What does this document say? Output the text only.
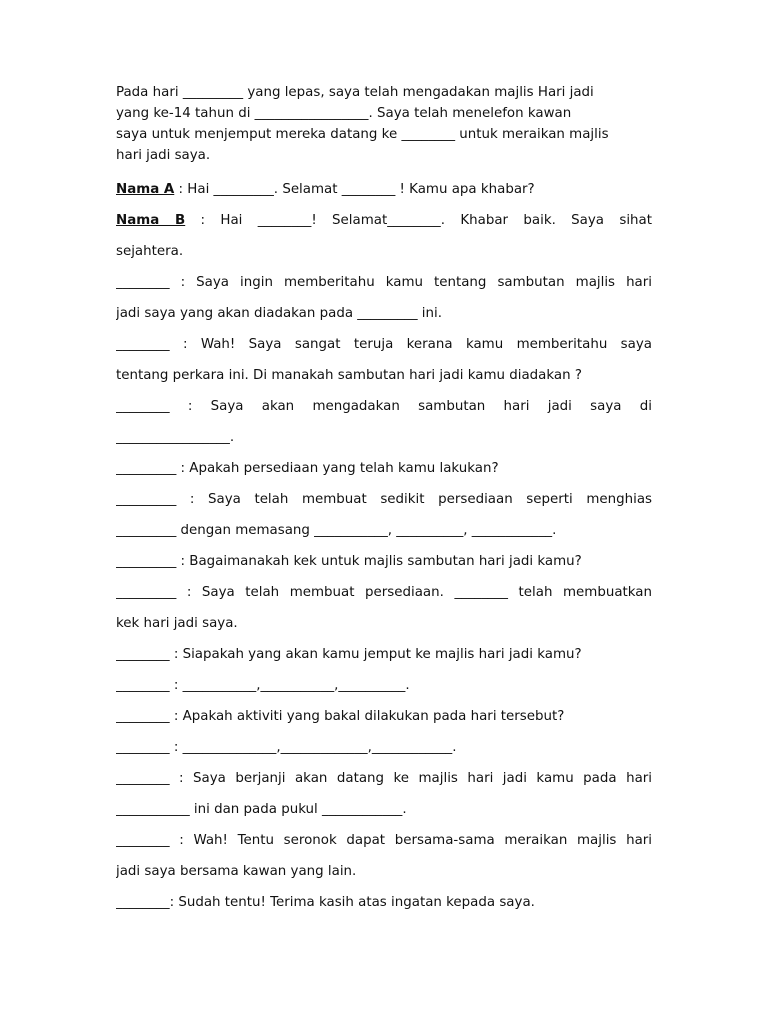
Pada hari _________ yang lepas, saya telah mengadakan majlis Hari jadi

yang ke-14 tahun di _________________. Saya telah menelefon kawan

saya untuk menjemput mereka datang ke ________ untuk meraikan majlis

hari jadi saya.

Nama A : Hai _________. Selamat ________ ! Kamu apa khabar?

Nama B : Hai ________! Selamat________. Khabar baik. Saya sihat

sejahtera.

________ : Saya ingin memberitahu kamu tentang sambutan majlis hari

jadi saya yang akan diadakan pada _________ ini.

________ : Wah! Saya sangat teruja kerana kamu memberitahu saya

tentang perkara ini. Di manakah sambutan hari jadi kamu diadakan ?

________ : Saya akan mengadakan sambutan hari jadi saya di

_________________.

_________ : Apakah persediaan yang telah kamu lakukan?

_________ : Saya telah membuat sedikit persediaan seperti menghias

_________ dengan memasang ___________, __________, ____________.

_________ : Bagaimanakah kek untuk majlis sambutan hari jadi kamu?

_________ : Saya telah membuat persediaan. ________ telah membuatkan

kek hari jadi saya.

________ : Siapakah yang akan kamu jemput ke majlis hari jadi kamu?

________ : ___________,___________,__________.

________ : Apakah aktiviti yang bakal dilakukan pada hari tersebut?

________ : ______________,_____________,____________.

________ : Saya berjanji akan datang ke majlis hari jadi kamu pada hari

___________ ini dan pada pukul ____________.

________ : Wah! Tentu seronok dapat bersama-sama meraikan majlis hari

jadi saya bersama kawan yang lain.

________: Sudah tentu! Terima kasih atas ingatan kepada saya.
